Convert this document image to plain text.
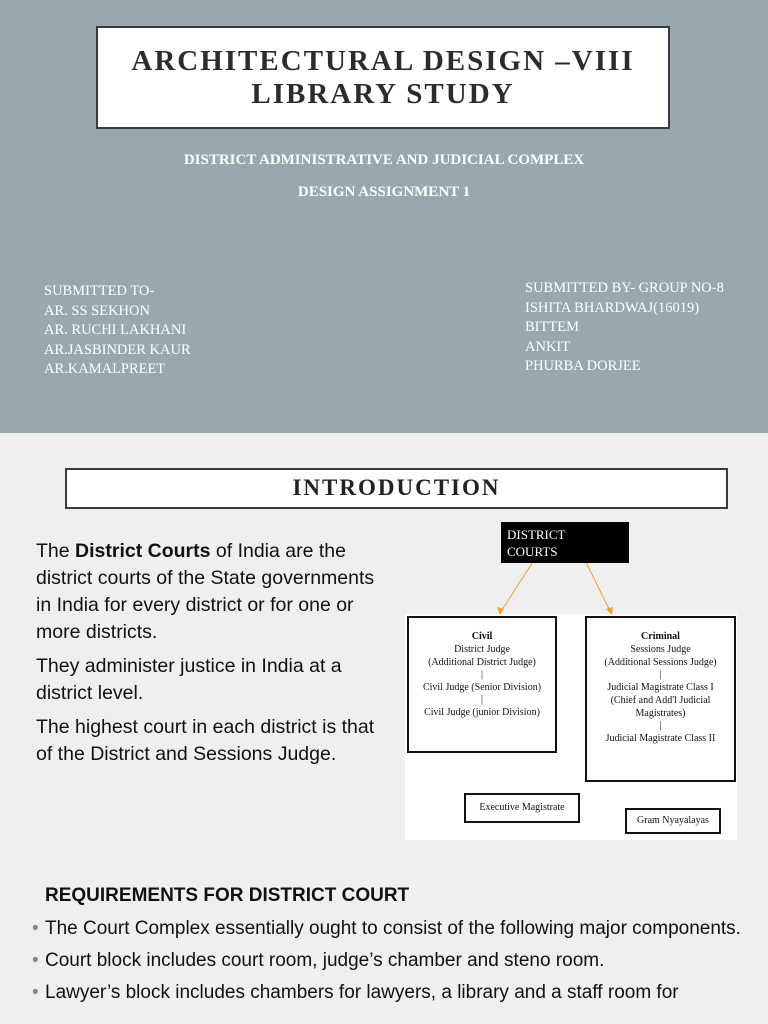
ARCHITECTURAL DESIGN –VIII
LIBRARY STUDY
DISTRICT ADMINISTRATIVE AND JUDICIAL COMPLEX
DESIGN ASSIGNMENT 1
SUBMITTED TO-
AR. SS SEKHON
AR. RUCHI LAKHANI
AR.JASBINDER KAUR
AR.KAMALPREET
SUBMITTED BY- GROUP NO-8
ISHITA BHARDWAJ(16019)
BITTEM
ANKIT
PHURBA DORJEE
INTRODUCTION

The District Courts of India are the district courts of the State governments in India for every district or for one or more districts.

They administer justice in India at a district level.

The highest court in each district is that of the District and Sessions Judge.

DISTRICT
COURTS
Civil
District Judge
(Additional District Judge)
|
Civil Judge (Senior Division)
|
Civil Judge (junior Division)
Criminal
Sessions Judge
(Additional Sessions Judge)
|
Judicial Magistrate Class I
(Chief and Add'l Judicial
Magistrates)
|
Judicial Magistrate Class II
Executive Magistrate
Gram Nyayalayas
REQUIREMENTS FOR DISTRICT COURT
• The Court Complex essentially ought to consist of the following major components.
• Court block includes court room, judge’s chamber and steno room.
• Lawyer’s block includes chambers for lawyers, a library and a staff room for
